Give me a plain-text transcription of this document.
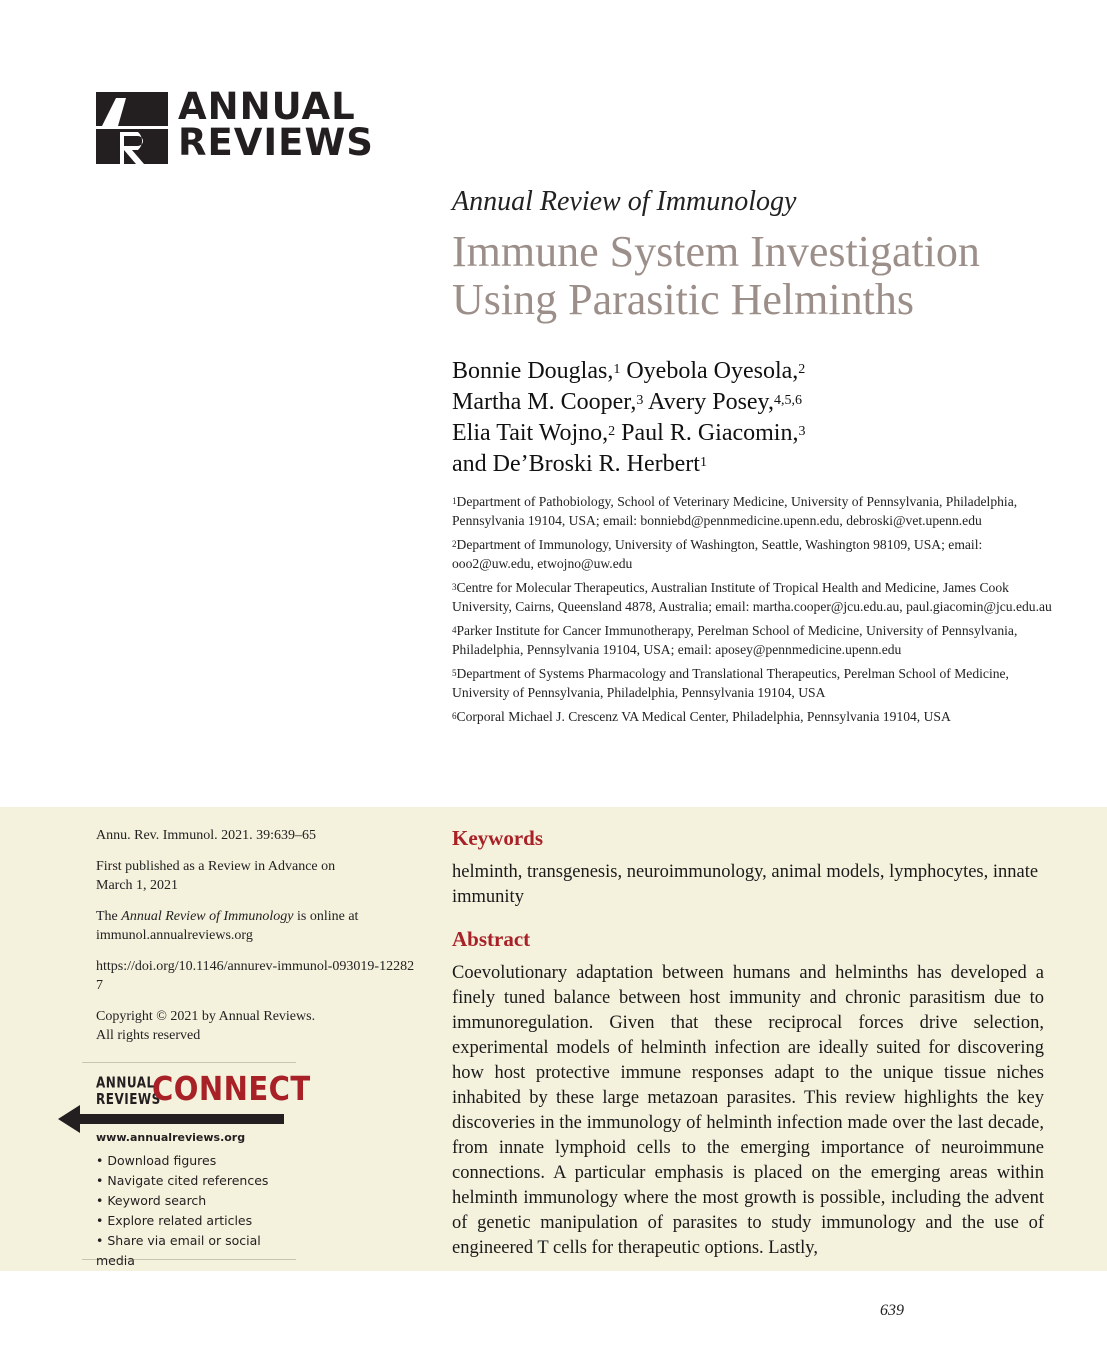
ANNUAL
REVIEWS
Annual Review of Immunology
Immune System Investigation
Using Parasitic Helminths
Bonnie Douglas,$^1$ Oyebola Oyesola,$^2$
Martha M. Cooper,$^3$ Avery Posey,$^{4,5,6}$
Elia Tait Wojno,$^2$ Paul R. Giacomin,$^3$
and De’Broski R. Herbert$^1$
$^1$Department of Pathobiology, School of Veterinary Medicine, University of Pennsylvania, Philadelphia, Pennsylvania 19104, USA; email: bonniebd@pennmedicine.upenn.edu, debroski@vet.upenn.edu
$^2$Department of Immunology, University of Washington, Seattle, Washington 98109, USA; email: ooo2@uw.edu, etwojno@uw.edu
$^3$Centre for Molecular Therapeutics, Australian Institute of Tropical Health and Medicine, James Cook University, Cairns, Queensland 4878, Australia; email: martha.cooper@jcu.edu.au, paul.giacomin@jcu.edu.au
$^4$Parker Institute for Cancer Immunotherapy, Perelman School of Medicine, University of Pennsylvania, Philadelphia, Pennsylvania 19104, USA; email: aposey@pennmedicine.upenn.edu
$^5$Department of Systems Pharmacology and Translational Therapeutics, Perelman School of Medicine, University of Pennsylvania, Philadelphia, Pennsylvania 19104, USA
$^6$Corporal Michael J. Crescenz VA Medical Center, Philadelphia, Pennsylvania 19104, USA

Annu. Rev. Immunol. 2021. 39:639–65

First published as a Review in Advance on March 1, 2021

The Annual Review of Immunology is online at immunol.annualreviews.org

https://doi.org/10.1146/annurev-immunol-093019-122827

Copyright © 2021 by Annual Reviews.
All rights reserved

ANNUAL
REVIEWS
CONNECT
www.annualreviews.org
• Download figures
• Navigate cited references
• Keyword search
• Explore related articles
• Share via email or social media
Keywords
helminth, transgenesis, neuroimmunology, animal models, lymphocytes, innate immunity
Abstract
Coevolutionary adaptation between humans and helminths has developed a finely tuned balance between host immunity and chronic parasitism due to immunoregulation. Given that these reciprocal forces drive selection, experimental models of helminth infection are ideally suited for discovering how host protective immune responses adapt to the unique tissue niches inhabited by these large metazoan parasites. This review highlights the key discoveries in the immunology of helminth infection made over the last decade, from innate lymphoid cells to the emerging importance of neuroimmune connections. A particular emphasis is placed on the emerging areas within helminth immunology where the most growth is possible, including the advent of genetic manipulation of parasites to study immunology and the use of engineered T cells for therapeutic options. Lastly,
639
